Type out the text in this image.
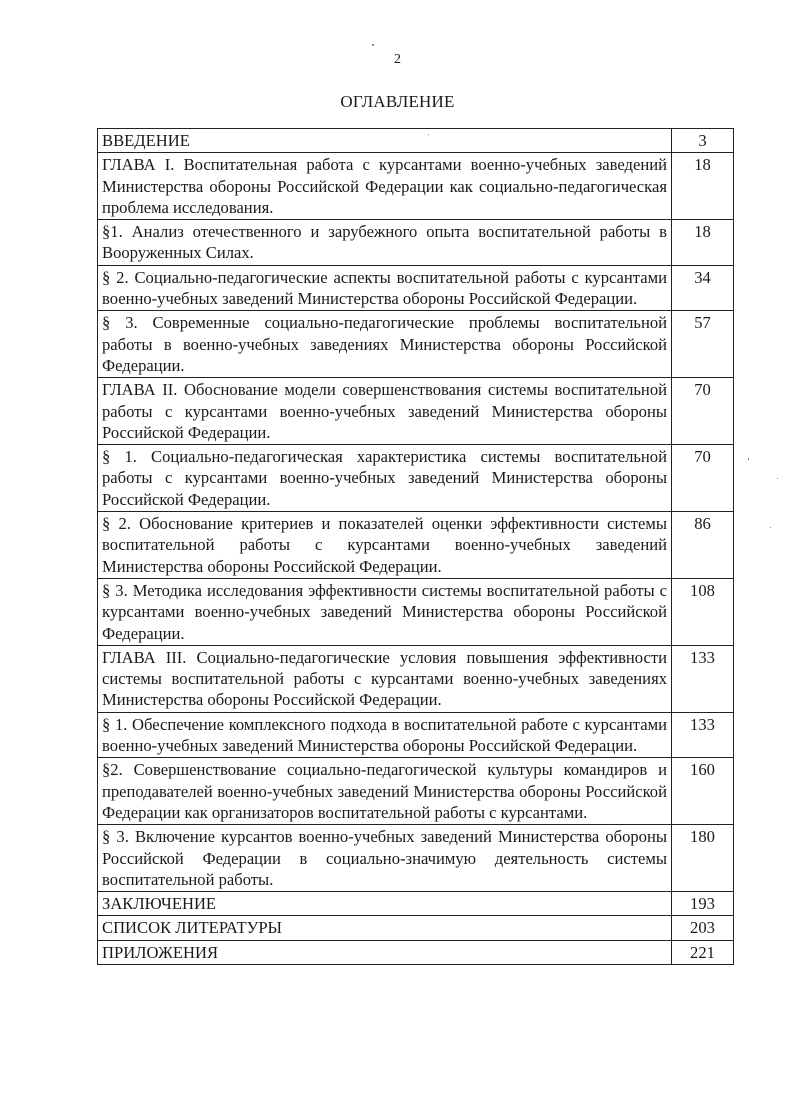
2
ОГЛАВЛЕНИЕ
ВВЕДЕНИЕ	3
ГЛАВА I. Воспитательная работа с курсантами военно-учебных заведений Министерства обороны Российской Федерации как социально-педагогическая проблема исследования.	18
§1. Анализ отечественного и зарубежного опыта воспитательной работы в Вооруженных Силах.	18
§ 2. Социально-педагогические аспекты воспитательной работы с курсантами военно-учебных заведений Министерства обороны Российской Федерации.	34
§ 3. Современные социально-педагогические проблемы воспитательной работы в военно-учебных заведениях Министерства обороны Российской Федерации.	57
ГЛАВА II. Обоснование модели совершенствования системы воспитательной работы с курсантами военно-учебных заведений Министерства обороны Российской Федерации.	70
§ 1. Социально-педагогическая характеристика системы воспитательной работы с курсантами военно-учебных заведений Министерства обороны Российской Федерации.	70
§ 2. Обоснование критериев и показателей оценки эффективности системы воспитательной работы с курсантами военно-учебных заведений Министерства обороны Российской Федерации.	86
§ 3. Методика исследования эффективности системы воспитательной работы с курсантами военно-учебных заведений Министерства обороны Российской Федерации.	108
ГЛАВА III. Социально-педагогические условия повышения эффективности системы воспитательной работы с курсантами военно-учебных заведениях Министерства обороны Российской Федерации.	133
§ 1. Обеспечение комплексного подхода в воспитательной работе с курсантами военно-учебных заведений Министерства обороны Российской Федерации.	133
§2. Совершенствование социально-педагогической культуры командиров и преподавателей военно-учебных заведений Министерства обороны Российской Федерации как организаторов воспитательной работы с курсантами.	160
§ 3. Включение курсантов военно-учебных заведений Министерства обороны Российской Федерации в социально-значимую деятельность системы воспитательной работы.	180
ЗАКЛЮЧЕНИЕ	193
СПИСОК ЛИТЕРАТУРЫ	203
ПРИЛОЖЕНИЯ	221
